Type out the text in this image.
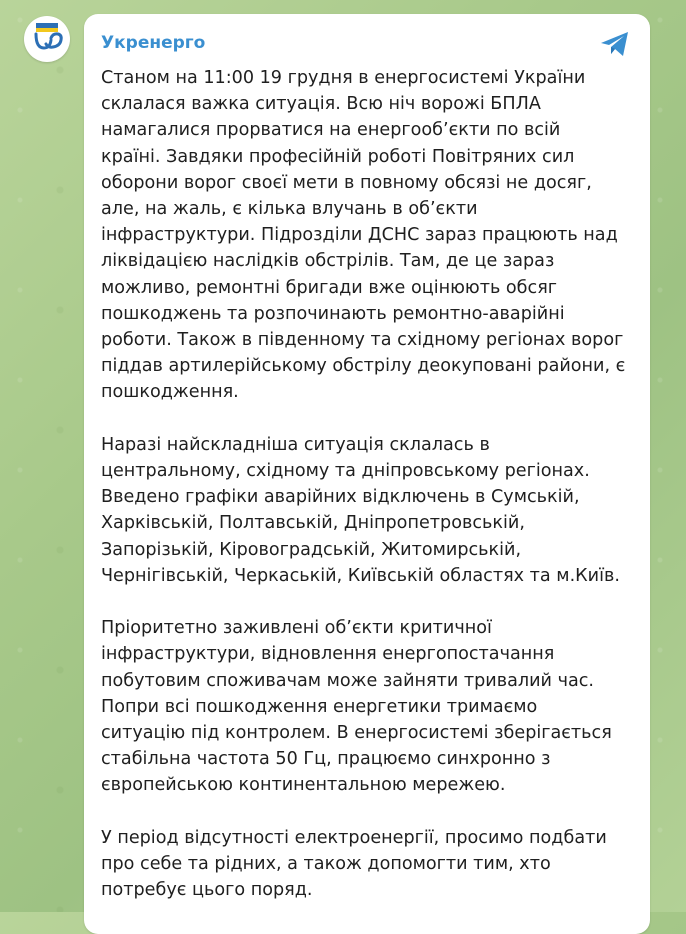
Укренерго

Станом на 11:00 19 грудня в енергосистемі України
склалася важка ситуація. Всю ніч ворожі БПЛА
намагалися прорватися на енергооб’єкти по всій
країні. Завдяки професійній роботі Повітряних сил
оборони ворог своєї мети в повному обсязі не досяг,
але, на жаль, є кілька влучань в об’єкти
інфраструктури. Підрозділи ДСНС зараз працюють над
ліквідацією наслідків обстрілів. Там, де це зараз
можливо, ремонтні бригади вже оцінюють обсяг
пошкоджень та розпочинають ремонтно-аварійні
роботи. Також в південному та східному регіонах ворог
піддав артилерійському обстрілу деокуповані райони, є
пошкодження.

Наразі найскладніша ситуація склалась в
центральному, східному та дніпровському регіонах.
Введено графіки аварійних відключень в Сумській,
Харківській, Полтавській, Дніпропетровській,
Запорізькій, Кіровоградській, Житомирській,
Чернігівській, Черкаській, Київській областях та м.Київ.

Пріоритетно заживлені об’єкти критичної
інфраструктури, відновлення енергопостачання
побутовим споживачам може зайняти тривалий час.
Попри всі пошкодження енергетики тримаємо
ситуацію під контролем. В енергосистемі зберігається
стабільна частота 50 Гц, працюємо синхронно з
європейською континентальною мережею.

У період відсутності електроенергії, просимо подбати
про себе та рідних, а також допомогти тим, хто
потребує цього поряд.
